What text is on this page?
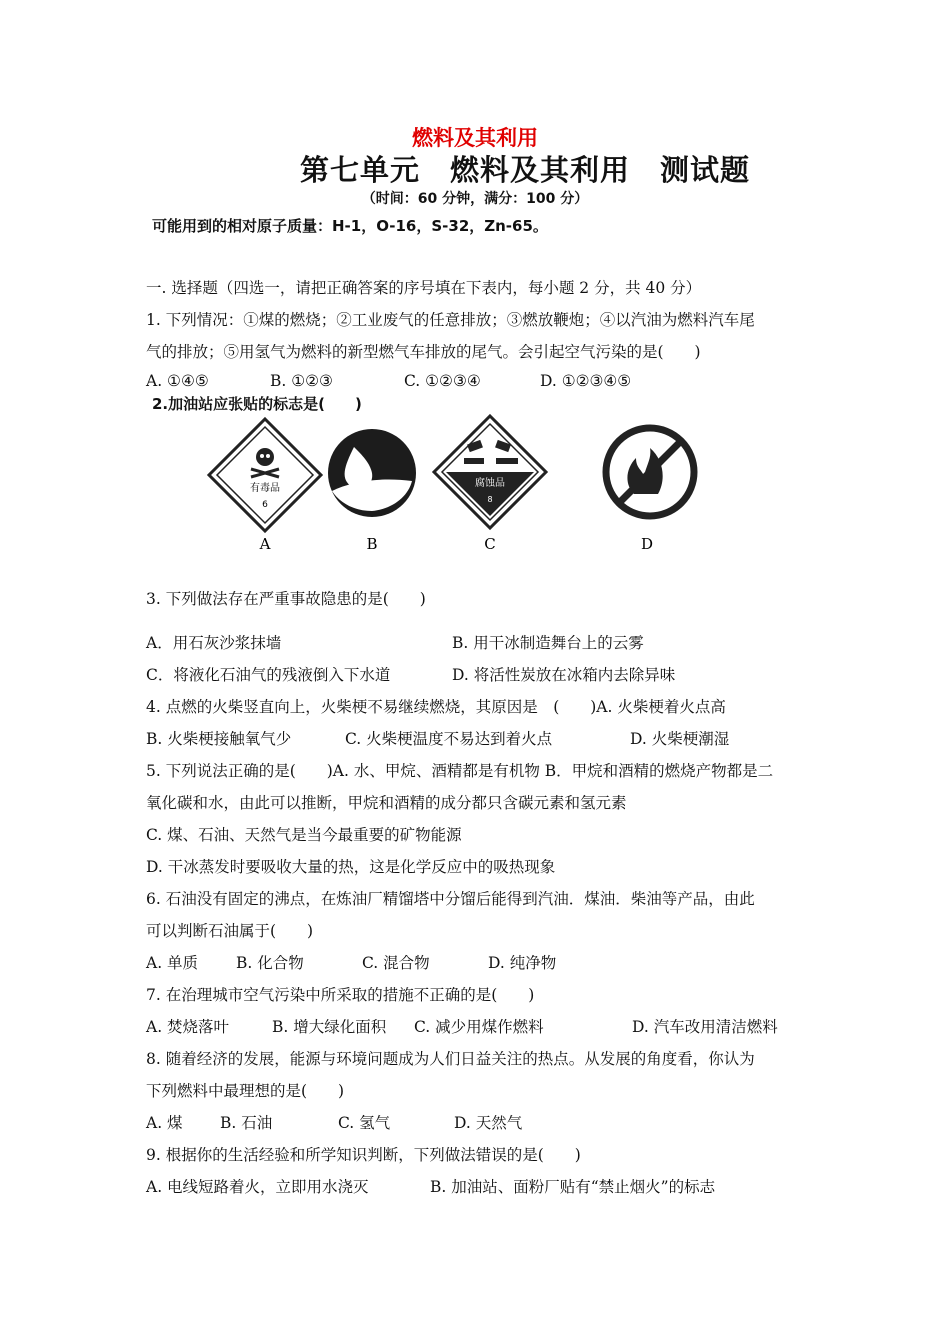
燃料及其利用
第七单元　燃料及其利用　测试题
（时间：60 分钟，满分：100 分）
可能用到的相对原子质量：H-1，O-16，S-32，Zn-65。
一. 选择题（四选一，请把正确答案的序号填在下表内，每小题 2 分，共 40 分）
1. 下列情况：①煤的燃烧；②工业废气的任意排放；③燃放鞭炮；④以汽油为燃料汽车尾
气的排放；⑤用氢气为燃料的新型燃气车排放的尾气。会引起空气污染的是(　　)
A. ①④⑤	B. ①②③	C. ①②③④	D. ①②③④⑤
2.加油站应张贴的标志是(　　)
有毒品
6
腐蚀品
8
A	B	C	D
3. 下列做法存在严重事故隐患的是(　　)
A．用石灰沙浆抹墙	B. 用干冰制造舞台上的云雾
C．将液化石油气的残液倒入下水道	D. 将活性炭放在冰箱内去除异味
4. 点燃的火柴竖直向上，火柴梗不易继续燃烧，其原因是　(　　)A. 火柴梗着火点高
B. 火柴梗接触氧气少	C. 火柴梗温度不易达到着火点	D. 火柴梗潮湿
5. 下列说法正确的是(　　)A. 水、甲烷、酒精都是有机物 B．甲烷和酒精的燃烧产物都是二
氧化碳和水，由此可以推断，甲烷和酒精的成分都只含碳元素和氢元素
C. 煤、石油、天然气是当今最重要的矿物能源
D. 干冰蒸发时要吸收大量的热，这是化学反应中的吸热现象
6. 石油没有固定的沸点，在炼油厂精馏塔中分馏后能得到汽油．煤油．柴油等产品，由此
可以判断石油属于(　　)
A. 单质 B. 化合物	C. 混合物	D. 纯净物
7. 在治理城市空气污染中所采取的措施不正确的是(　　)
A. 焚烧落叶	B. 增大绿化面积 C. 减少用煤作燃料	D. 汽车改用清洁燃料
8. 随着经济的发展，能源与环境问题成为人们日益关注的热点。从发展的角度看，你认为
下列燃料中最理想的是(　　)
A. 煤 B. 石油	C. 氢气	D. 天然气
9. 根据你的生活经验和所学知识判断，下列做法错误的是(　　)
A. 电线短路着火，立即用水浇灭	B. 加油站、面粉厂贴有“禁止烟火”的标志
